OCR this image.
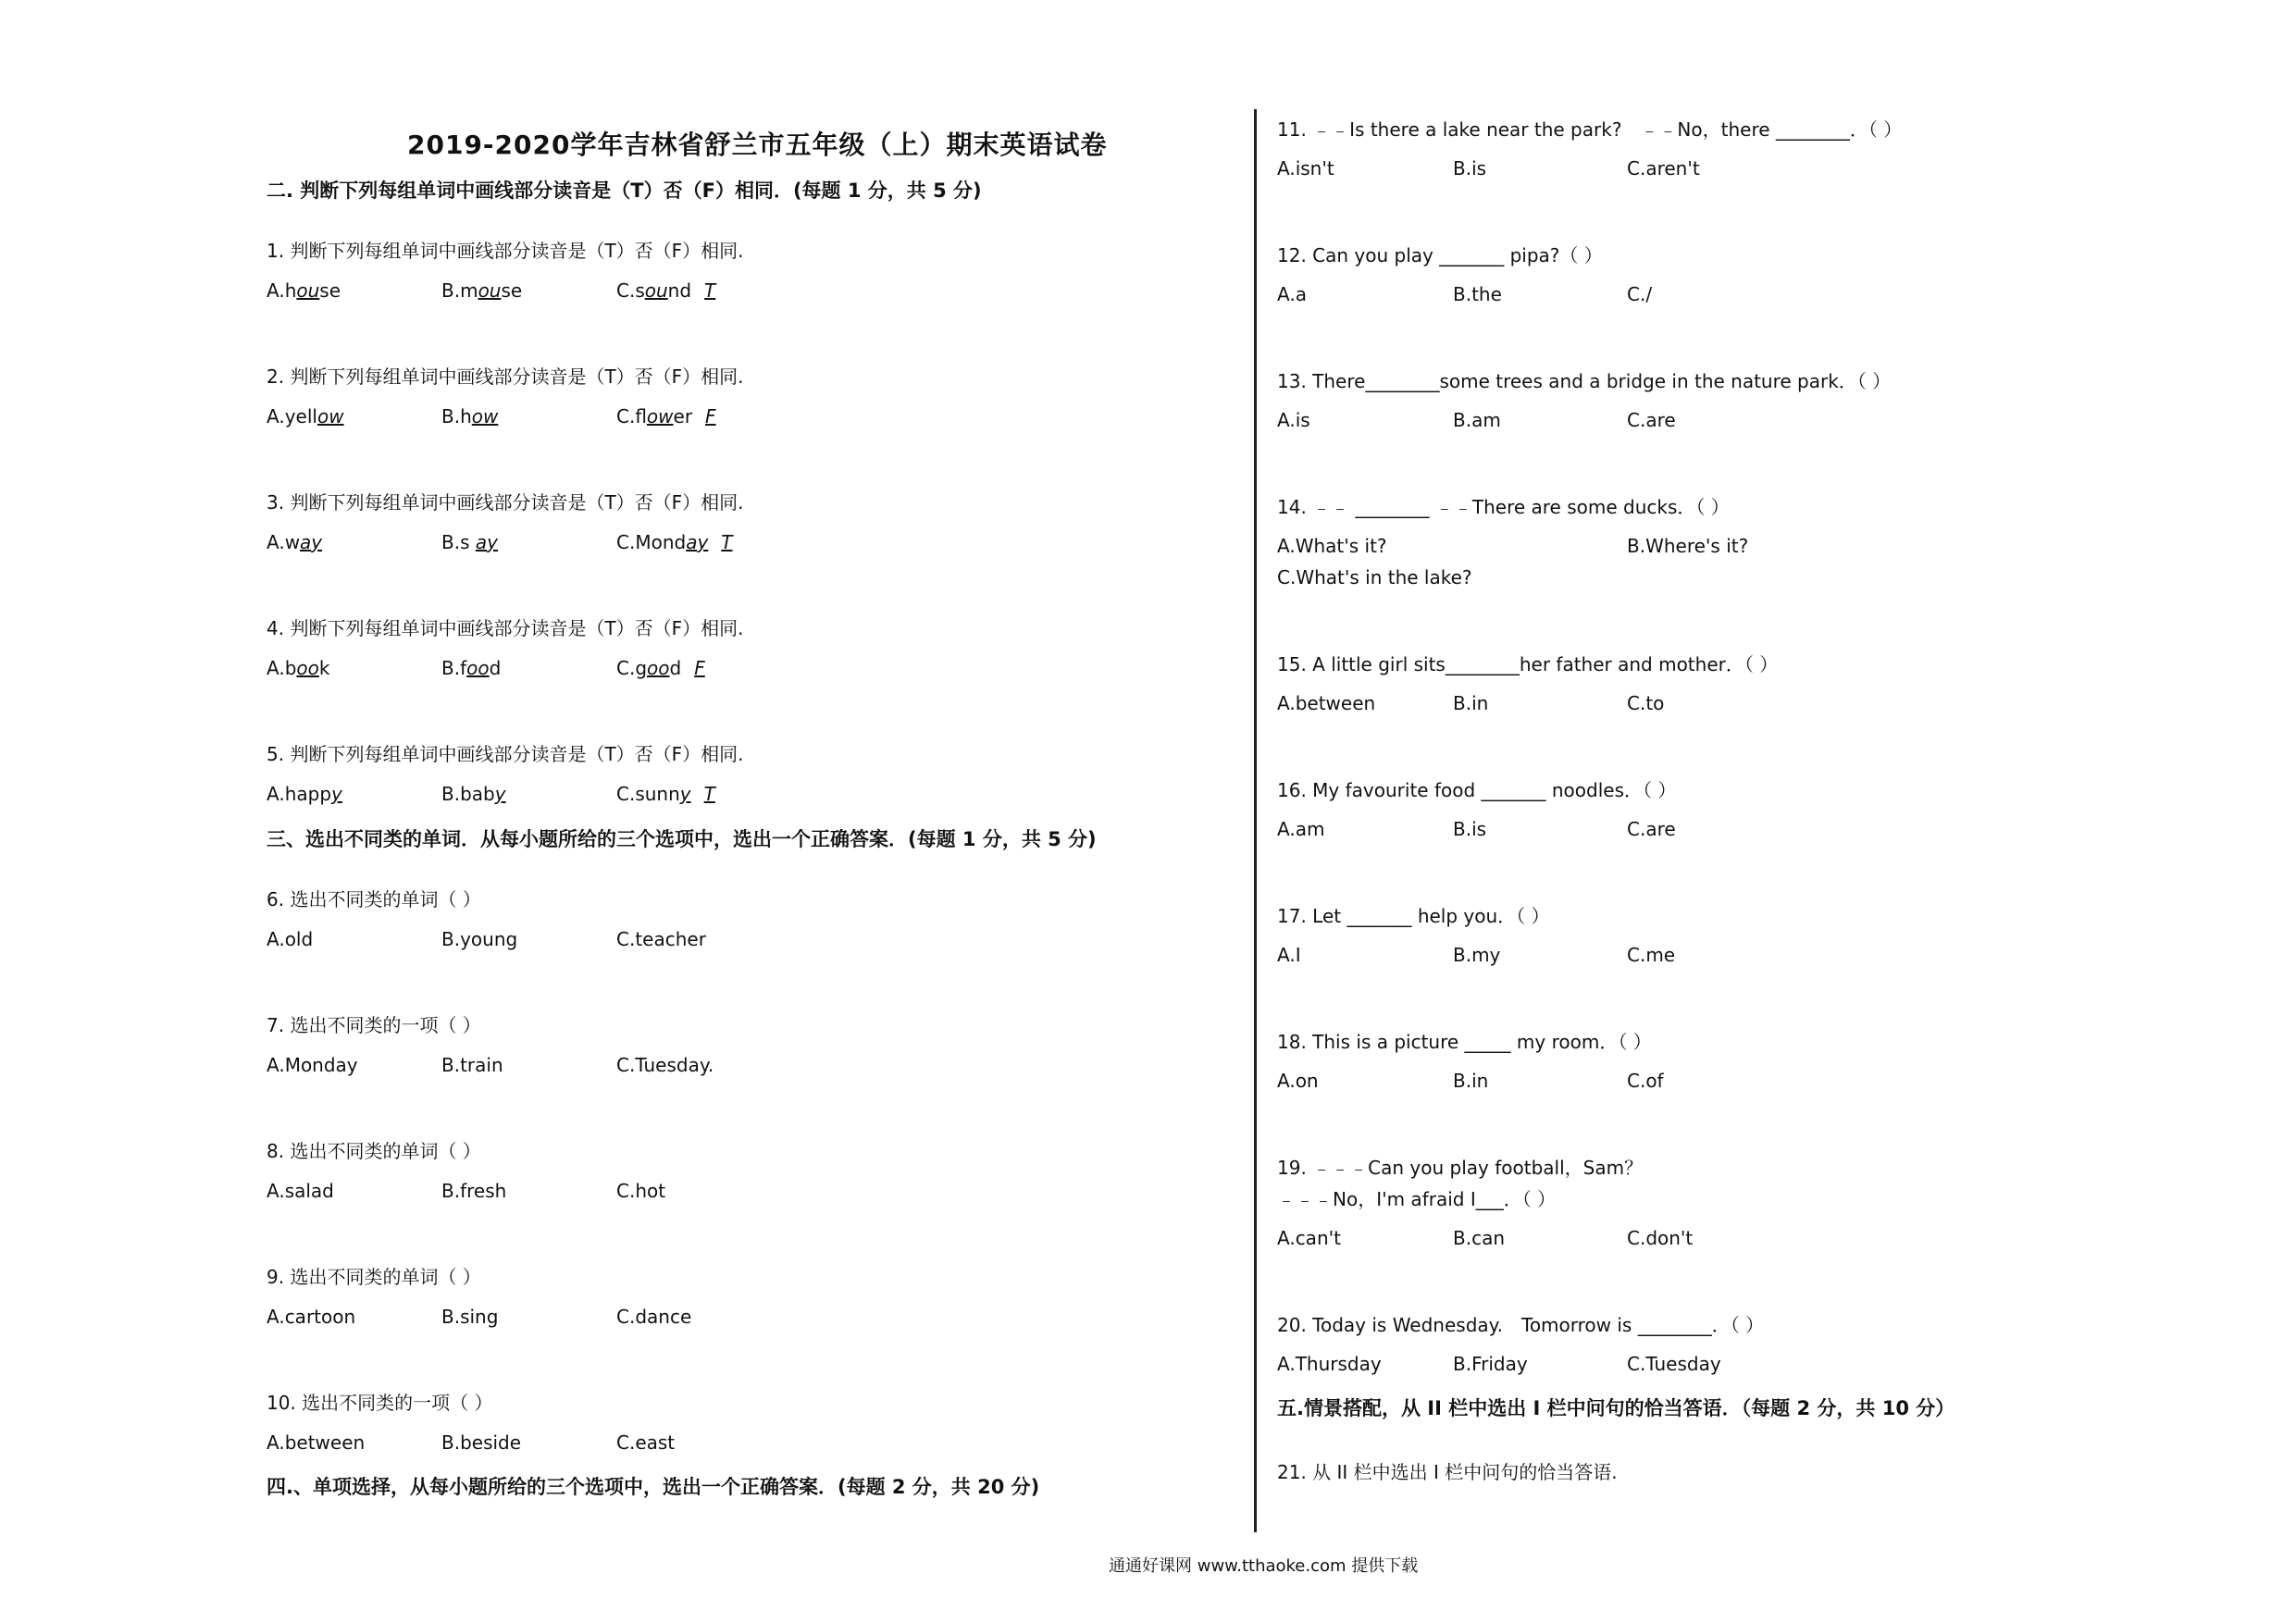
2019-2020学年吉林省舒兰市五年级（上）期末英语试卷
二. 判断下列每组单词中画线部分读音是（T）否（F）相同．(每题 1 分，共 5 分)
1. 判断下列每组单词中画线部分读音是（T）否（F）相同.
A.house	B.mouse	C.sound T
2. 判断下列每组单词中画线部分读音是（T）否（F）相同.
A.yellow	B.how	C.flower F
3. 判断下列每组单词中画线部分读音是（T）否（F）相同.
A.way	B.s ay	C.Monday T
4. 判断下列每组单词中画线部分读音是（T）否（F）相同.
A.book	B.food	C.good F
5. 判断下列每组单词中画线部分读音是（T）否（F）相同.
A.happy	B.baby	C.sunny T
三、选出不同类的单词．从每小题所给的三个选项中，选出一个正确答案．(每题 1 分，共 5 分)
6. 选出不同类的单词（ ）
A.old	B.young	C.teacher
7. 选出不同类的一项（ ）
A.Monday	B.train	C.Tuesday.
8. 选出不同类的单词（ ）
A.salad	B.fresh	C.hot
9. 选出不同类的单词（ ）
A.cartoon	B.sing	C.dance
10. 选出不同类的一项（ ）
A.between	B.beside	C.east
四.、单项选择，从每小题所给的三个选项中，选出一个正确答案．(每题 2 分，共 20 分)
11. ﹣﹣Is there a lake near the park?　﹣﹣No，there ________．（ ）
A.isn't	B.is	C.aren't
12. Can you play _______ pipa?（ ）
A.a	B.the	C./
13. There________some trees and a bridge in the nature park．（ ）
A.is	B.am	C.are
14. ﹣﹣ ________ ﹣﹣There are some ducks．（ ）
A.What's it?	B.Where's it?
C.What's in the lake?
15. A little girl sits________her father and mother．（ ）
A.between	B.in	C.to
16. My favourite food _______ noodles．（ ）
A.am	B.is	C.are
17. Let _______ help you．（ ）
A.I	B.my	C.me
18. This is a picture _____ my room．（ ）
A.on	B.in	C.of
19. ﹣﹣﹣Can you play football，Sam？
﹣﹣﹣No，I'm afraid I___．（ ）
A.can't	B.can	C.don't
20. Today is Wednesday.　Tomorrow is ________．（ ）
A.Thursday	B.Friday	C.Tuesday
五.情景搭配，从 II 栏中选出 I 栏中问句的恰当答语．（每题 2 分，共 10 分）
21. 从 II 栏中选出 I 栏中问句的恰当答语.
通通好课网 www.tthaoke.com 提供下载
